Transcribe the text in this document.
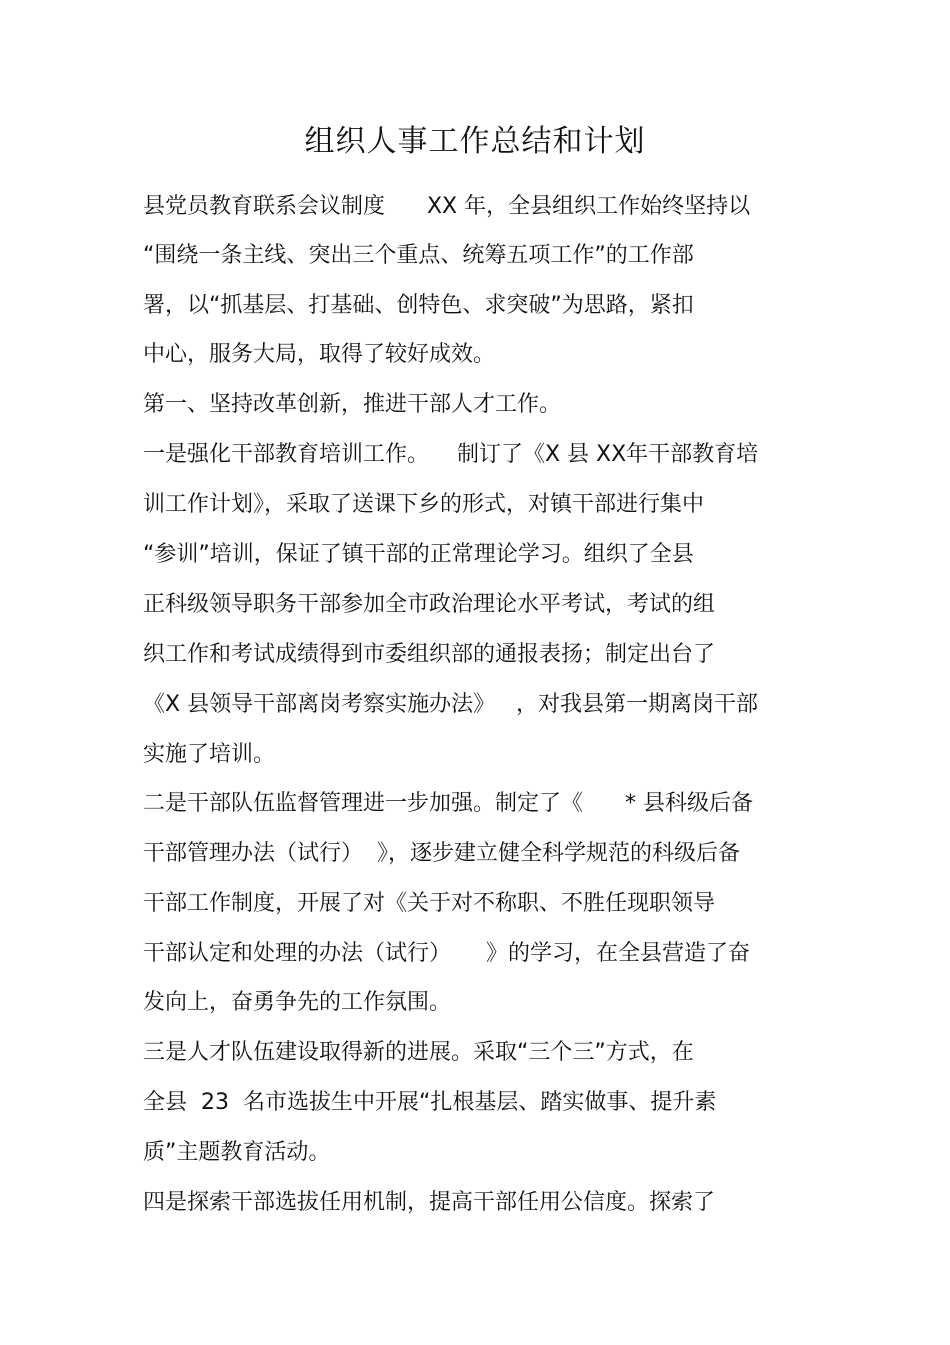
组织人事工作总结和计划
县党员教育联系会议制度      XX 年，全县组织工作始终坚持以
“围绕一条主线、突出三个重点、统筹五项工作”的工作部
署，以“抓基层、打基础、创特色、求突破”为思路，紧扣
中心，服务大局，取得了较好成效。
第一、坚持改革创新，推进干部人才工作。
一是强化干部教育培训工作。    制订了《X 县 XX年干部教育培
训工作计划》，采取了送课下乡的形式，对镇干部进行集中
“参训”培训，保证了镇干部的正常理论学习。组织了全县
正科级领导职务干部参加全市政治理论水平考试，考试的组
织工作和考试成绩得到市委组织部的通报表扬；制定出台了
《X 县领导干部离岗考察实施办法》   ，对我县第一期离岗干部
实施了培训。
二是干部队伍监督管理进一步加强。制定了《      * 县科级后备
干部管理办法（试行）  》，逐步建立健全科学规范的科级后备
干部工作制度，开展了对《关于对不称职、不胜任现职领导
干部认定和处理的办法（试行）     》的学习，在全县营造了奋
发向上，奋勇争先的工作氛围。
三是人才队伍建设取得新的进展。采取“三个三”方式，在
全县  23  名市选拔生中开展“扎根基层、踏实做事、提升素
质”主题教育活动。
四是探索干部选拔任用机制，提高干部任用公信度。探索了
